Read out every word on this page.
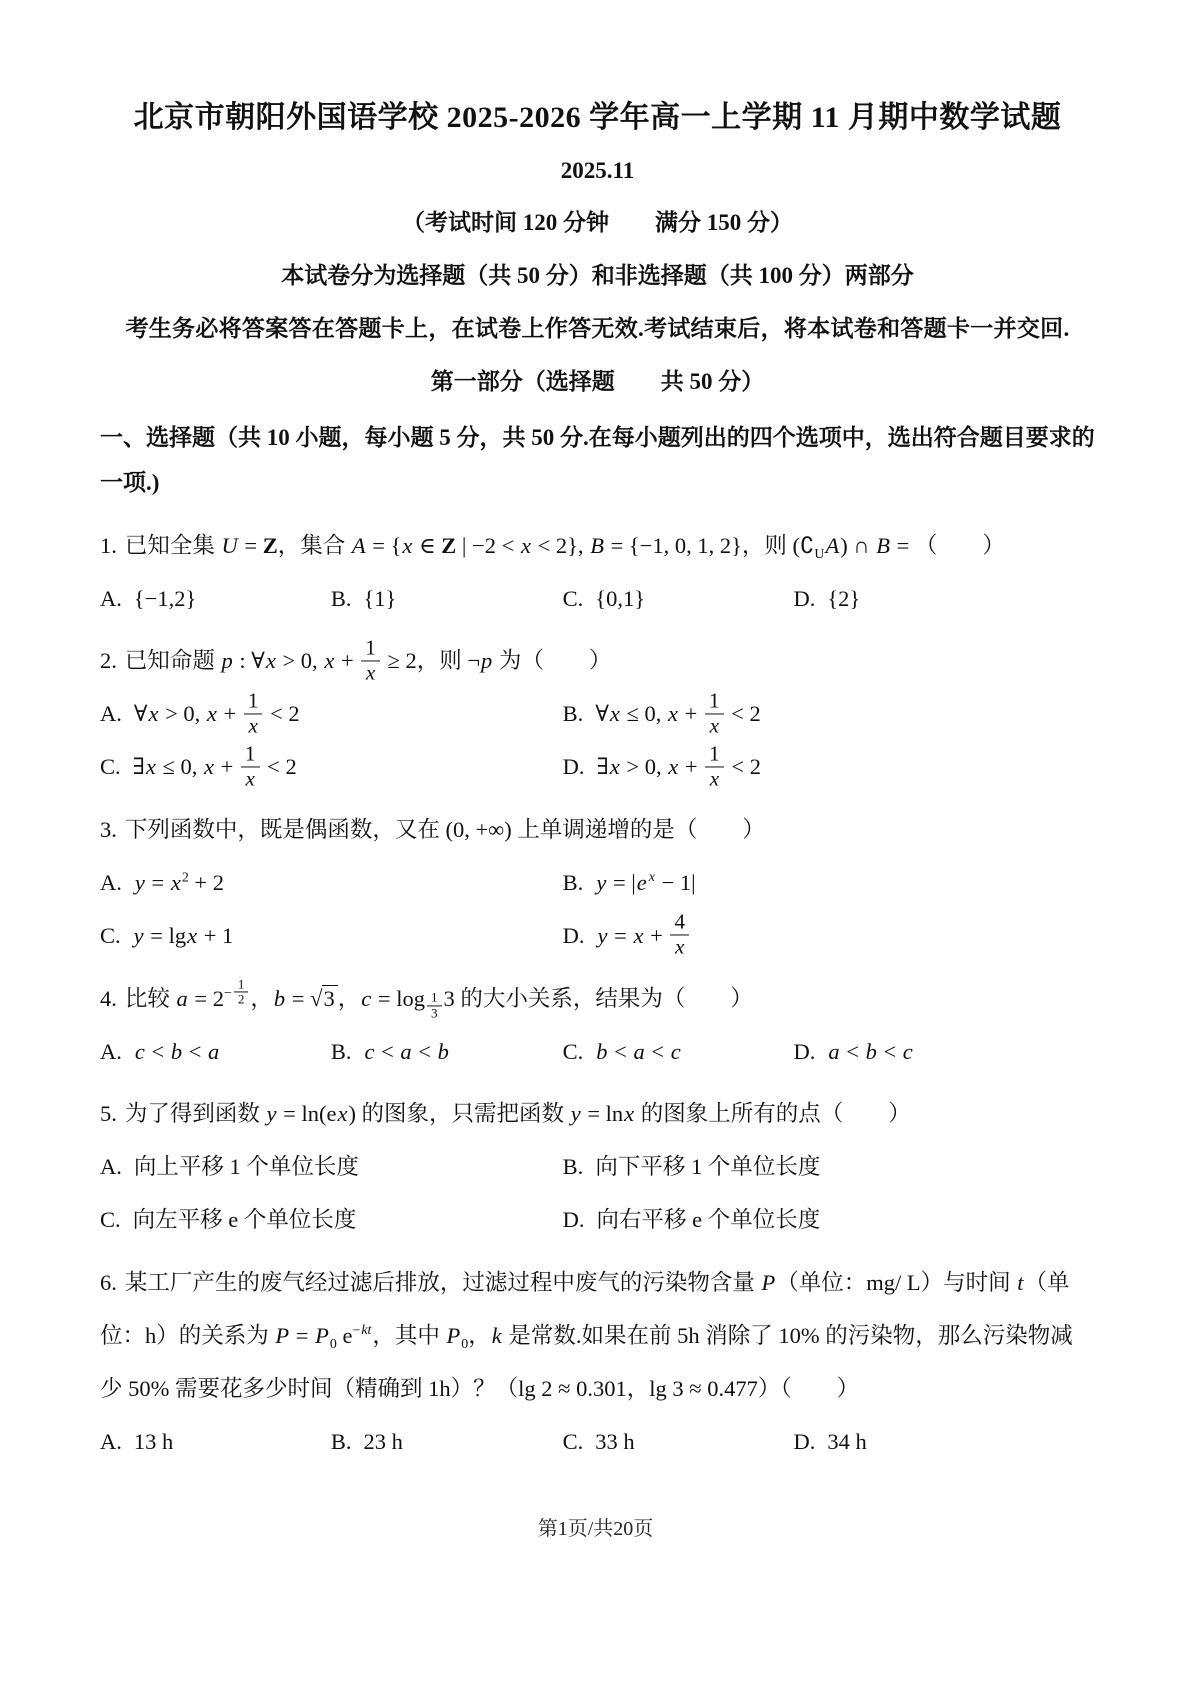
北京市朝阳外国语学校 2025-2026 学年高一上学期 11 月期中数学试题
2025.11
（考试时间 120 分钟　　满分 150 分）
本试卷分为选择题（共 50 分）和非选择题（共 100 分）两部分
考生务必将答案答在答题卡上，在试卷上作答无效.考试结束后，将本试卷和答题卡一并交回.
第一部分（选择题　　共 50 分）
一、选择题（共 10 小题，每小题 5 分，共 50 分.在每小题列出的四个选项中，选出符合题目要求的一项.)
1. 已知全集 U = Z，集合 A = {x ∈ Z | −2 < x < 2}, B = {−1, 0, 1, 2}，则 $(∁_UA)$ ∩ B = （　　）
A. {−1,2}	B. {1}	C. {0,1}	D. {2}
2. 已知命题 p : ∀x > 0, $x + \frac{1}{x} \ge 2$，则 ¬p 为（　　）
A. ∀x > 0, $x + \frac{1}{x} < 2$	B. ∀x ≤ 0, $x + \frac{1}{x} < 2$
C. ∃x ≤ 0, $x + \frac{1}{x} < 2$	D. ∃x > 0, $x + \frac{1}{x} < 2$
3. 下列函数中，既是偶函数，又在 (0, +∞) 上单调递增的是（　　）
A. $y = x^2 + 2$	B. y = |e $^x$ − 1|
C. y = lgx + 1	D. $y = x + \frac{4}{x}$
4. 比较 $a = 2^{- \frac{1}{2}}$ ，b = √3 ，c = log $_{\frac{1}{3}}$ 3 的大小关系，结果为（　　）
A. c < b < a	B. c < a < b	C. b < a < c	D. a < b < c
5. 为了得到函数 y = ln(ex) 的图象，只需把函数 y = lnx 的图象上所有的点（　　）
A. 向上平移 1 个单位长度	B. 向下平移 1 个单位长度
C. 向左平移 e 个单位长度	D. 向右平移 e 个单位长度
6. 某工厂产生的废气经过滤后排放，过滤过程中废气的污染物含量 P（单位：mg/ L）与时间 t（单位：h）的关系为 $P = P_0$ $e^{-kt}$，其中 $P_0$，k 是常数.如果在前 5h 消除了 10% 的污染物，那么污染物减少 50% 需要花多少时间（精确到 1h）？（lg 2 ≈ 0.301，lg 3 ≈ 0.477）（　　）
A. 13 h	B. 23 h	C. 33 h	D. 34 h
第1页/共20页
